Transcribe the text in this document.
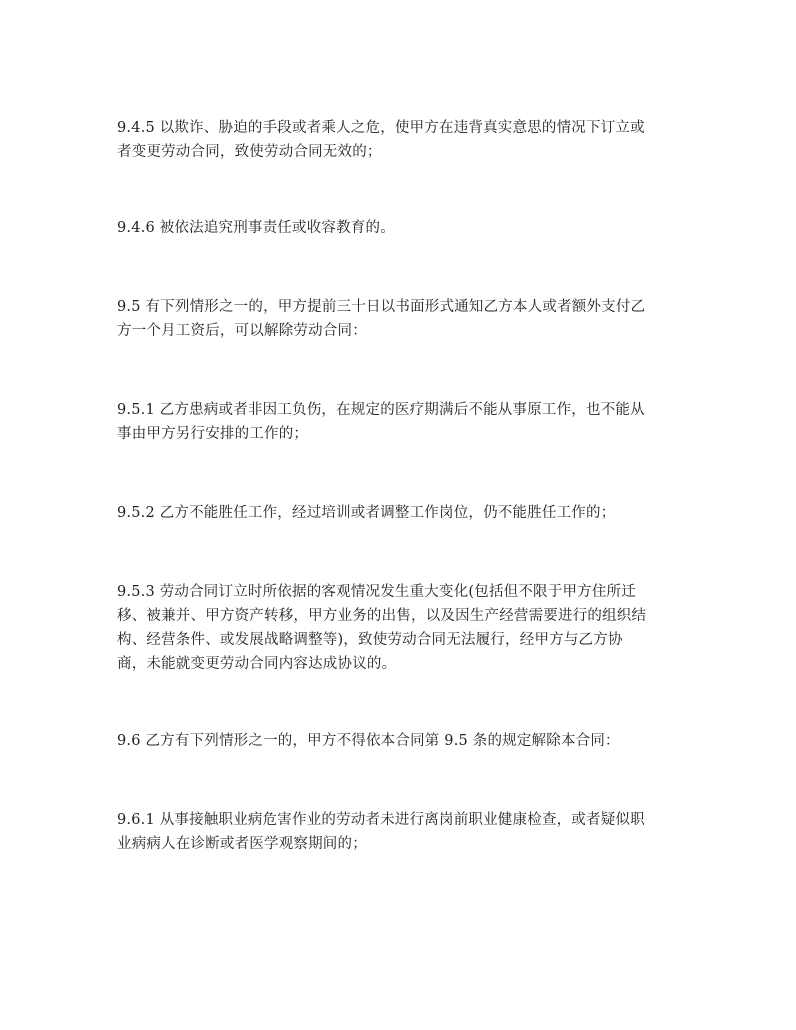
9.4.5 以欺诈、胁迫的手段或者乘人之危，使甲方在违背真实意思的情况下订立或
者变更劳动合同，致使劳动合同无效的；

9.4.6 被依法追究刑事责任或收容教育的。

9.5 有下列情形之一的，甲方提前三十日以书面形式通知乙方本人或者额外支付乙
方一个月工资后，可以解除劳动合同：

9.5.1 乙方患病或者非因工负伤，在规定的医疗期满后不能从事原工作，也不能从
事由甲方另行安排的工作的；

9.5.2 乙方不能胜任工作，经过培训或者调整工作岗位，仍不能胜任工作的；

9.5.3 劳动合同订立时所依据的客观情况发生重大变化(包括但不限于甲方住所迁
移、被兼并、甲方资产转移，甲方业务的出售，以及因生产经营需要进行的组织结
构、经营条件、或发展战略调整等)，致使劳动合同无法履行，经甲方与乙方协
商，未能就变更劳动合同内容达成协议的。

9.6 乙方有下列情形之一的，甲方不得依本合同第 9.5 条的规定解除本合同：

9.6.1 从事接触职业病危害作业的劳动者未进行离岗前职业健康检查，或者疑似职
业病病人在诊断或者医学观察期间的；
